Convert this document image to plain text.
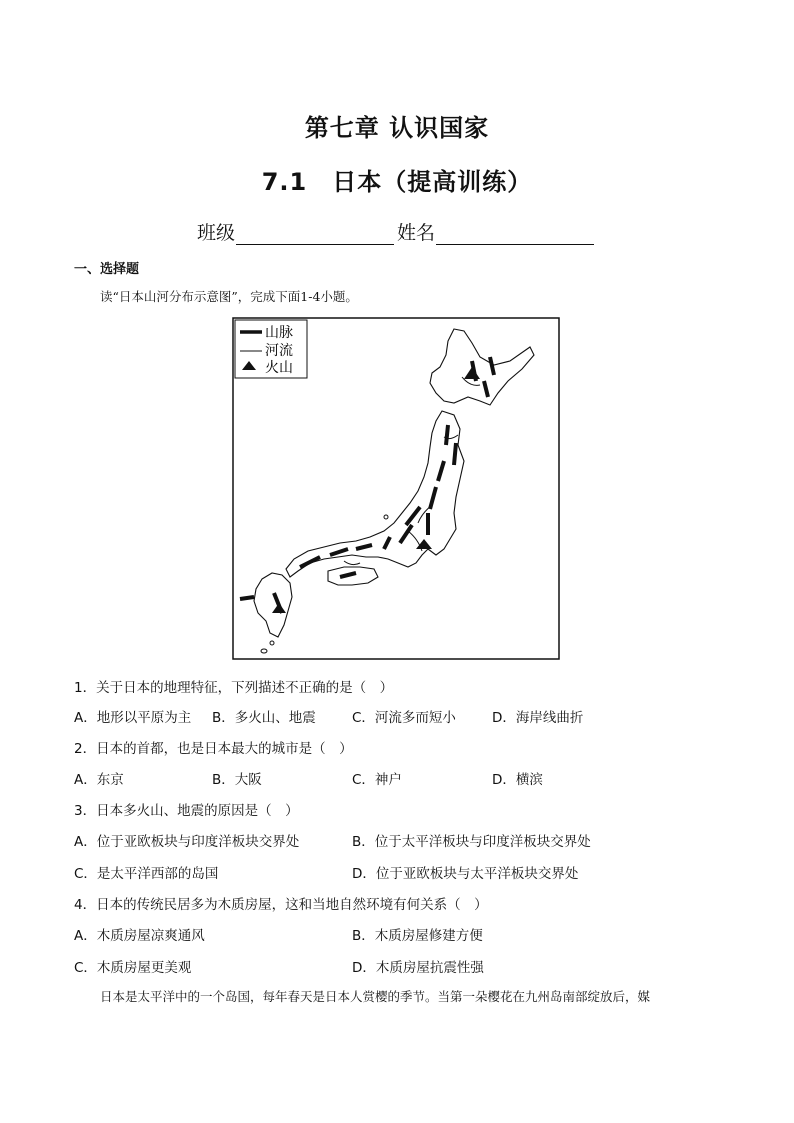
第七章 认识国家
7.1　日本（提高训练）
班级	姓名
一、选择题
读“日本山河分布示意图”，完成下面1-4小题。
山脉
河流
火山
1．关于日本的地理特征，下列描述不正确的是（　）
A．地形以平原为主 B．多火山、地震	C．河流多而短小	D．海岸线曲折
2．日本的首都，也是日本最大的城市是（　）
A．东京	B．大阪	C．神户	D．横滨
3．日本多火山、地震的原因是（　）
A．位于亚欧板块与印度洋板块交界处	B．位于太平洋板块与印度洋板块交界处
C．是太平洋西部的岛国	D．位于亚欧板块与太平洋板块交界处
4．日本的传统民居多为木质房屋，这和当地自然环境有何关系（　）
A．木质房屋凉爽通风	B．木质房屋修建方便
C．木质房屋更美观	D．木质房屋抗震性强
日本是太平洋中的一个岛国，每年春天是日本人赏樱的季节。当第一朵樱花在九州岛南部绽放后，媒
